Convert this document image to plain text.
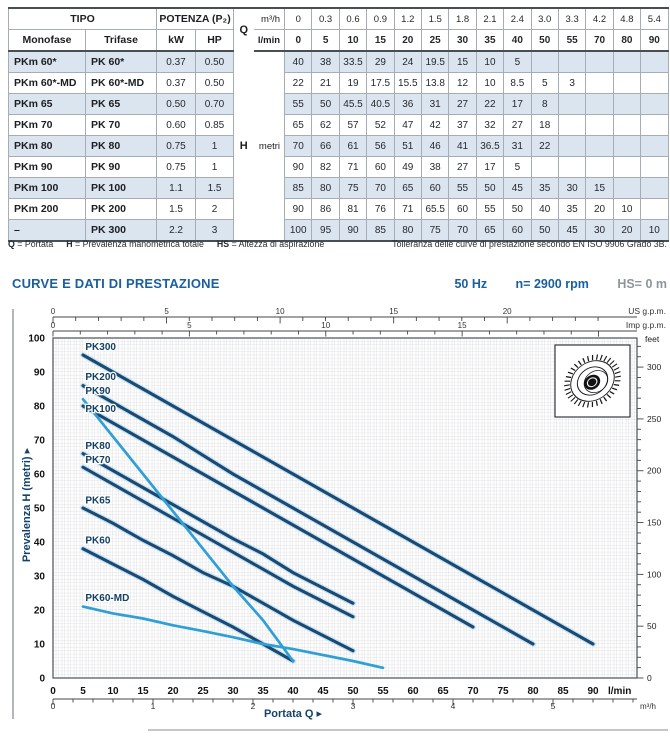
TIPO		POTENZA (P₂)		Q	m³/h	0	0.3	0.6	0.9	1.2	1.5	1.8	2.1	2.4	3.0	3.3	4.2	4.8	5.4
Monofase	Trifase	kW	HP		l/min	0	5	10	15	20	25	30	35	40	50	55	70	80	90
PKm 60*	PK 60*	0.37	0.50	H	metri	40	38	33.5	29	24	19.5	15	10	5					
PKm 60*-MD	PK 60*-MD	0.37	0.50			22	21	19	17.5	15.5	13.8	12	10	8.5	5	3			
PKm 65	PK 65	0.50	0.70			55	50	45.5	40.5	36	31	27	22	17	8				
PKm 70	PK 70	0.60	0.85			65	62	57	52	47	42	37	32	27	18				
PKm 80	PK 80	0.75	1			70	66	61	56	51	46	41	36.5	31	22				
PKm 90	PK 90	0.75	1			90	82	71	60	49	38	27	17	5					
PKm 100	PK 100	1.1	1.5			85	80	75	70	65	60	55	50	45	35	30	15		
PKm 200	PK 200	1.5	2			90	86	81	76	71	65.5	60	55	50	40	35	20	10	
–	PK 300	2.2	3			100	95	90	85	80	75	70	65	60	50	45	30	20	10
Q = Portata H = Prevalenza manometrica totale HS = Altezza di aspirazione	Tolleranza delle curve di prestazione secondo EN ISO 9906 Grado 3B.
CURVE E DATI DI PRESTAZIONE	50 Hz n= 2900 rpm HS= 0 m
0	5	10	15	20	US g.p.m.
0	5	10	15	Imp g.p.m.
0
50
100
150
200
250
300
feet
0
10
20
30
40
50
60
70
80
90
100
0 5 10 15 20 25 30 35 40 45 50 55 60 65 70 75 80 85 90 l/min
0	1	2	3	4	5	m³/h
Portata Q ▸
Prevalenza H (metri) ▸
PK300
PK200
PK100
PK80
PK70
PK65
PK60
PK90
PK60-MD
